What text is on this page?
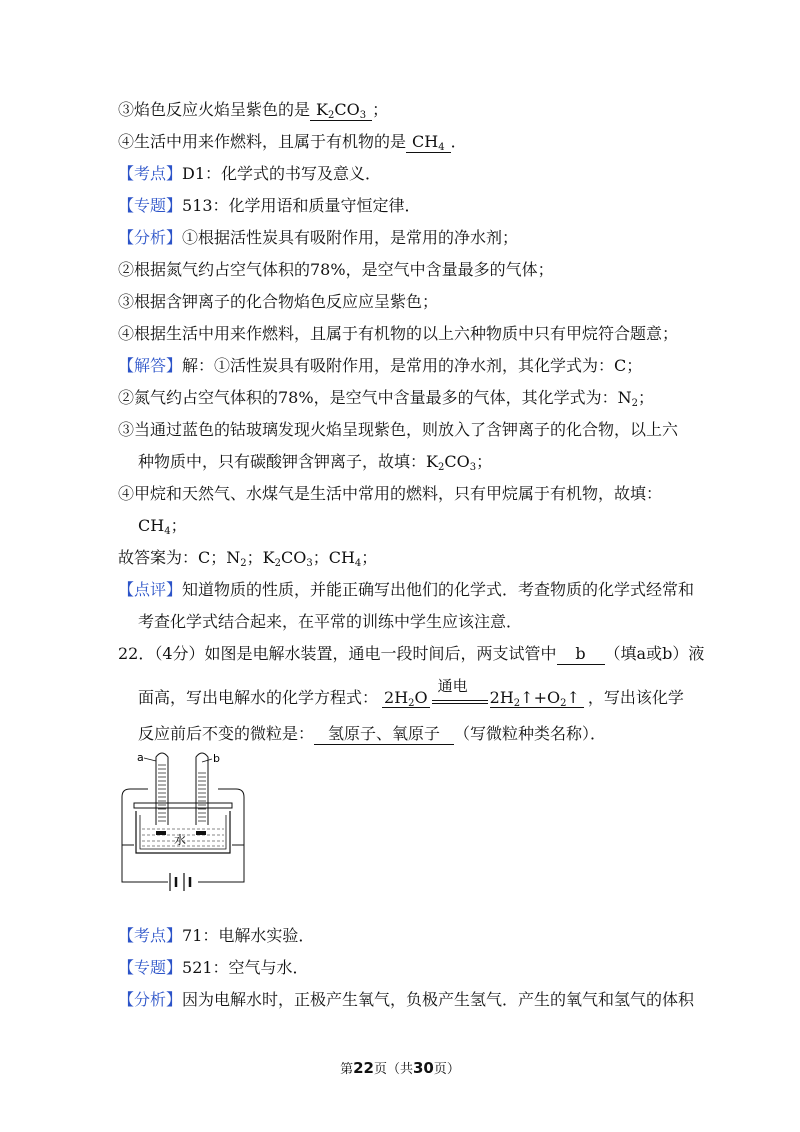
③焰色反应火焰呈紫色的是 $K_2CO_3$ ；
④生活中用来作燃料，且属于有机物的是 $CH_4$ ．
【考点】D1：化学式的书写及意义．
【专题】513：化学用语和质量守恒定律．
【分析】①根据活性炭具有吸附作用，是常用的净水剂；
②根据氮气约占空气体积的78%，是空气中含量最多的气体；
③根据含钾离子的化合物焰色反应应呈紫色；
④根据生活中用来作燃料，且属于有机物的以上六种物质中只有甲烷符合题意；
【解答】解：①活性炭具有吸附作用，是常用的净水剂，其化学式为：C；
②氮气约占空气体积的78%，是空气中含量最多的气体，其化学式为：$N_2$；
③当通过蓝色的钴玻璃发现火焰呈现紫色，则放入了含钾离子的化合物，以上六
种物质中，只有碳酸钾含钾离子，故填：$K_2CO_3$；
④甲烷和天然气、水煤气是生活中常用的燃料，只有甲烷属于有机物，故填：
$CH_4$；
故答案为：C；$N_2$；$K_2CO_3$；$CH_4$；
【点评】知道物质的性质，并能正确写出他们的化学式．考查物质的化学式经常和
考查化学式结合起来，在平常的训练中学生应该注意．
22．（4分）如图是电解水装置，通电一段时间后，两支试管中 b （填a或b）液
面高，写出电解水的化学方程式： $2H_2O$
通电
$2H_2↑+O_2↑$ ，写出该化学
反应前后不变的微粒是： 氢原子、氧原子 （写微粒种类名称）．
a	b
水
【考点】71：电解水实验．
【专题】521：空气与水．
【分析】因为电解水时，正极产生氧气，负极产生氢气．产生的氧气和氢气的体积
第22页（共30页）
